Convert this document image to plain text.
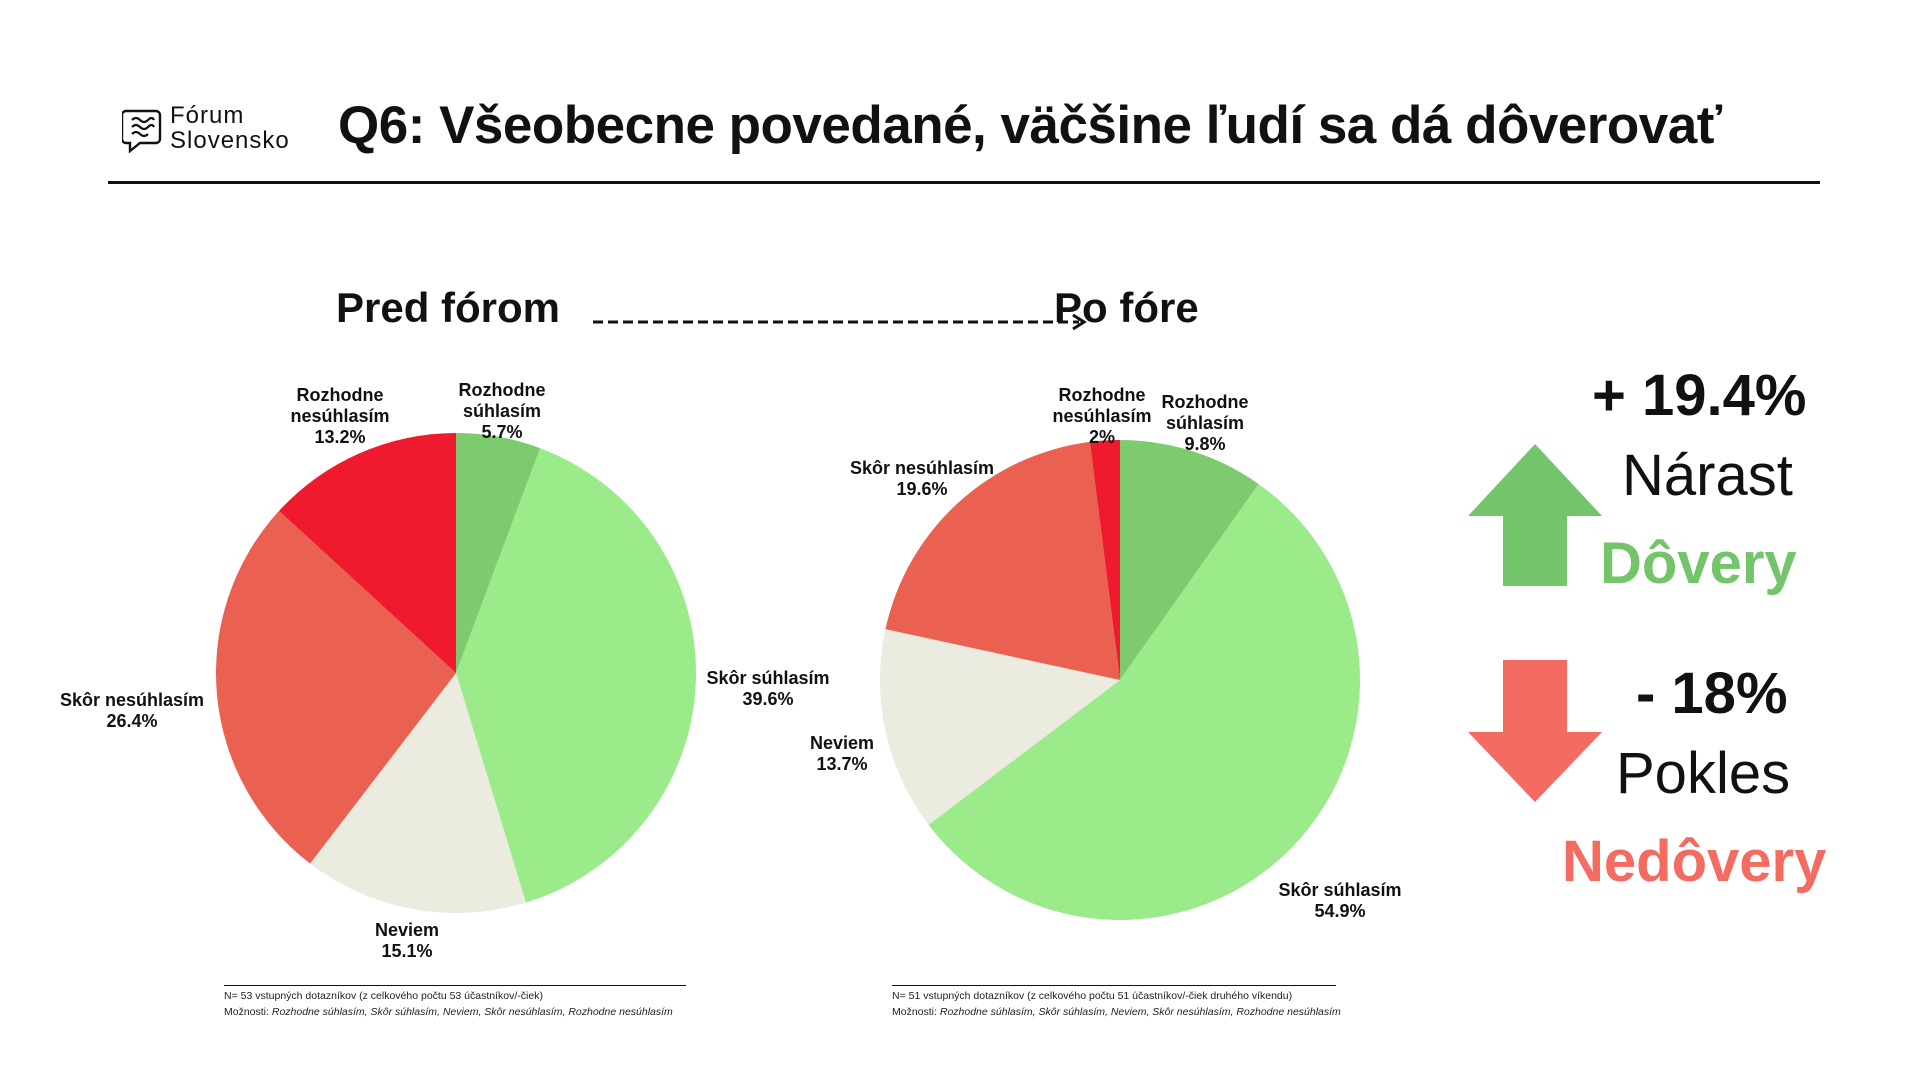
Fórum
Slovensko Q6: Všeobecne povedané, väčšine ľudí sa dá dôverovať
Pred fórom	Po fóre
Rozhodne
súhlasím
5.7%
Skôr súhlasím
39.6%
Neviem
15.1%
Skôr nesúhlasím
26.4%
Rozhodne
nesúhlasím
13.2%
Rozhodne
súhlasím
9.8%
Skôr súhlasím
54.9%
Neviem
13.7%
Skôr nesúhlasím
19.6%
Rozhodne
nesúhlasím
2%
N= 53 vstupných dotazníkov (z celkového počtu 53 účastníkov/-čiek)
Možnosti: Rozhodne súhlasím, Skôr súhlasím, Neviem, Skôr nesúhlasím, Rozhodne nesúhlasím
N= 51 vstupných dotazníkov (z celkového počtu 51 účastníkov/-čiek druhého víkendu)
Možnosti: Rozhodne súhlasím, Skôr súhlasím, Neviem, Skôr nesúhlasím, Rozhodne nesúhlasím
+ 19.4%
Nárast
Dôvery
- 18%
Pokles
Nedôvery
